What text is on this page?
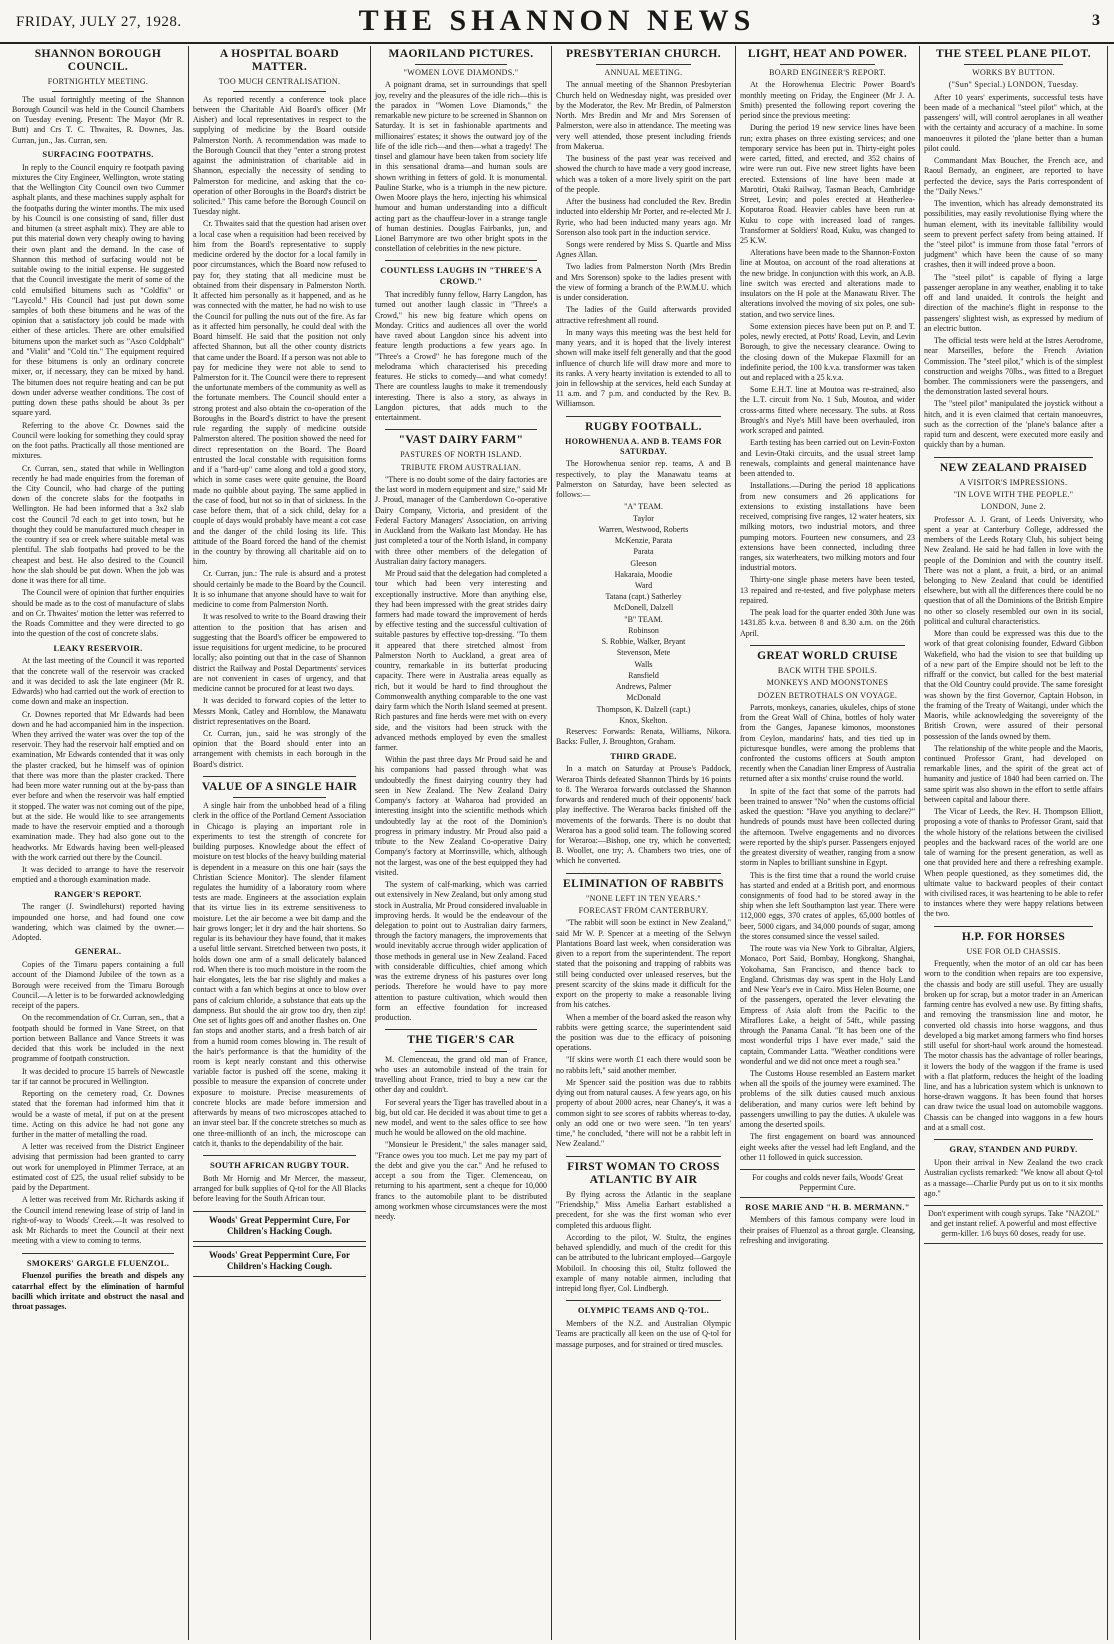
FRIDAY, JULY 27, 1928.	THE SHANNON NEWS	3
SHANNON BOROUGH COUNCIL.
FORTNIGHTLY MEETING.

The usual fortnightly meeting of the Shannon Borough Council was held in the Council Chambers on Tuesday evening. Present: The Mayor (Mr R. Butt) and Crs T. C. Thwaites, R. Downes, Jas. Curran, jun., Jas. Curran, sen.

SURFACING FOOTPATHS.

In reply to the Council enquiry re footpath paving mixtures the City Engineer, Wellington, wrote stating that the Wellington City Council own two Cummer asphalt plants, and these machines supply asphalt for the footpaths during the winter months. The mix used by his Council is one consisting of sand, filler dust and bitumen (a street asphalt mix). They are able to put this material down very cheaply owing to having their own plant and the demand. In the case of Shannon this method of surfacing would not be suitable owing to the initial expense. He suggested that the Council investigate the merit of some of the cold emulsified bitumens such as "Coldfix" or "Laycold." His Council had just put down some samples of both these bitumens and he was of the opinion that a satisfactory job could be made with either of these articles. There are other emulsified bitumens upon the market such as "Asco Coldphalt" and "Vialit" and "Cold tin." The equipment required for these bitumens is only an ordinary concrete mixer, or, if necessary, they can be mixed by hand. The bitumen does not require heating and can be put down under adverse weather conditions. The cost of putting down these paths should be about 3s per square yard.

Referring to the above Cr. Downes said the Council were looking for something they could spray on the foot paths. Practically all those mentioned are mixtures.

Cr. Curran, sen., stated that while in Wellington recently he had made enquiries from the foreman of the City Council, who had charge of the putting down of the concrete slabs for the footpaths in Wellington. He had been informed that a 3x2 slab cost the Council 7d each to get into town, but he thought they could be manufactured much cheaper in the country if sea or creek where suitable metal was plentiful. The slab footpaths had proved to be the cheapest and best. He also desired to the Council how the slab should be put down. When the job was done it was there for all time.

The Council were of opinion that further enquiries should be made as to the cost of manufacture of slabs and on Cr. Thwaites' motion the letter was referred to the Roads Committee and they were directed to go into the question of the cost of concrete slabs.

LEAKY RESERVOIR.

At the last meeting of the Council it was reported that the concrete wall of the reservoir was cracked and it was decided to ask the late engineer (Mr R. Edwards) who had carried out the work of erection to come down and make an inspection.

Cr. Downes reported that Mr Edwards had been down and he had accompanied him in the inspection. When they arrived the water was over the top of the reservoir. They had the reservoir half emptied and on examination, Mr Edwards contended that it was only the plaster cracked, but he himself was of opinion that there was more than the plaster cracked. There had been more water running out at the by-pass than ever before and when the reservoir was half emptied it stopped. The water was not coming out of the pipe, but at the side. He would like to see arrangements made to have the reservoir emptied and a thorough examination made. They had also gone out to the headworks. Mr Edwards having been well-pleased with the work carried out there by the Council.

It was decided to arrange to have the reservoir emptied and a thorough examination made.

RANGER'S REPORT.

The ranger (J. Swindlehurst) reported having impounded one horse, and had found one cow wandering, which was claimed by the owner.—Adopted.

GENERAL.

Copies of the Timaru papers containing a full account of the Diamond Jubilee of the town as a Borough were received from the Timaru Borough Council.—A letter is to be forwarded acknowledging receipt of the papers.

On the recommendation of Cr. Curran, sen., that a footpath should be formed in Vane Street, on that portion between Ballance and Vance Streets it was decided that this work be included in the next programme of footpath construction.

It was decided to procure 15 barrels of Newcastle tar if tar cannot be procured in Wellington.

Reporting on the cemetery road, Cr. Downes stated that the foreman had informed him that it would be a waste of metal, if put on at the present time. Acting on this advice he had not gone any further in the matter of metalling the road.

A letter was received from the District Engineer advising that permission had been granted to carry out work for unemployed in Plimmer Terrace, at an estimated cost of £25, the usual relief subsidy to be paid by the Department.

A letter was received from Mr. Richards asking if the Council intend renewing lease of strip of land in right-of-way to Woods' Creek.—It was resolved to ask Mr Richards to meet the Council at their next meeting with a view to coming to terms.

SMOKERS' GARGLE FLUENZOL.

Fluenzol purifies the breath and dispels any catarrhal effect by the elimination of harmful bacilli which irritate and obstruct the nasal and throat passages.

A HOSPITAL BOARD MATTER.
TOO MUCH CENTRALISATION.

As reported recently a conference took place between the Charitable Aid Board's officer (Mr Aisher) and local representatives in respect to the supplying of medicine by the Board outside Palmerston North. A recommendation was made to the Borough Council that they "enter a strong protest against the administration of charitable aid in Shannon, especially the necessity of sending to Palmerston for medicine, and asking that the co-operation of other Boroughs in the Board's district be solicited." This came before the Borough Council on Tuesday night.

Cr. Thwaites said that the question had arisen over a local case when a requisition had been received by him from the Board's representative to supply medicine ordered by the doctor for a local family in poor circumstances, which the Board now refused to pay for, they stating that all medicine must be obtained from their dispensary in Palmerston North. It affected him personally as it happened, and as he was connected with the matter, he had no wish to use the Council for pulling the nuts out of the fire. As far as it affected him personally, he could deal with the Board himself. He said that the position not only affected Shannon, but all the other county districts that came under the Board. If a person was not able to pay for medicine they were not able to send to Palmerston for it. The Council were there to represent the unfortunate members of the community as well as the fortunate members. The Council should enter a strong protest and also obtain the co-operation of the Boroughs in the Board's district to have the present rule regarding the supply of medicine outside Palmerston altered. The position showed the need for direct representation on the Board. The Board entrusted the local constable with requisition forms and if a "hard-up" came along and told a good story, which in some cases were quite genuine, the Board made no quibble about paying. The same applied in the case of food, but not so in that of sickness. In the case before them, that of a sick child, delay for a couple of days would probably have meant a cot case and the danger of the child losing its life. This attitude of the Board forced the hand of the chemist in the country by throwing all charitable aid on to him.

Cr. Curran, jun.: The rule is absurd and a protest should certainly be made to the Board by the Council. It is so inhumane that anyone should have to wait for medicine to come from Palmerston North.

It was resolved to write to the Board drawing their attention to the position that has arisen and suggesting that the Board's officer be empowered to issue requisitions for urgent medicine, to be procured locally; also pointing out that in the case of Shannon district the Railway and Postal Departments' services are not convenient in cases of urgency, and that medicine cannot be procured for at least two days.

It was decided to forward copies of the letter to Messrs Monk, Catley and Hornblow, the Manawatu district representatives on the Board.

Cr. Curran, jun., said he was strongly of the opinion that the Board should enter into an arrangement with chemists in each borough in the Board's district.

VALUE OF A SINGLE HAIR

A single hair from the unbobbed head of a filing clerk in the office of the Portland Cement Association in Chicago is playing an important role in experiments to test the strength of concrete for building purposes. Knowledge about the effect of moisture on test blocks of the heavy building material is dependent in a measure on this one hair (says the Christian Science Monitor). The slender filament regulates the humidity of a laboratory room where tests are made. Engineers at the association explain that its virtue lies in its extreme sensitiveness to moisture. Let the air become a wee bit damp and the hair grows longer; let it dry and the hair shortens. So regular is its behaviour they have found, that it makes a useful little servant. Stretched between two posts, it holds down one arm of a small delicately balanced rod. When there is too much moisture in the room the hair elongates, lets the bar rise slightly and makes a contact with a fan which begins at once to blow over pans of calcium chloride, a substance that eats up the dampness. But should the air grow too dry, then zip! One set of lights goes off and another flashes on. One fan stops and another starts, and a fresh batch of air from a humid room comes blowing in. The result of the hair's performance is that the humidity of the room is kept nearly constant and this otherwise variable factor is pushed off the scene, making it possible to measure the expansion of concrete under exposure to moisture. Precise measurements of concrete blocks are made before immersion and afterwards by means of two microscopes attached to an invar steel bar. If the concrete stretches so much as one three-millionth of an inch, the microscope can catch it, thanks to the dependability of the hair.

SOUTH AFRICAN RUGBY TOUR.

Both Mr Hornig and Mr Mercer, the masseur, arranged for bulk supplies of Q-tol for the All Blacks before leaving for the South African tour.

Woods' Great Peppermint Cure, For Children's Hacking Cough.
Woods' Great Peppermint Cure, For Children's Hacking Cough.
MAORILAND PICTURES.
"WOMEN LOVE DIAMONDS."

A poignant drama, set in surroundings that spell joy, revelry and the pleasures of the idle rich—this is the paradox in "Women Love Diamonds," the remarkable new picture to be screened in Shannon on Saturday. It is set in fashionable apartments and millionaires' estates; it shows the outward joy of the life of the idle rich—and then—what a tragedy! The tinsel and glamour have been taken from society life in this sensational drama—and human souls are shown writhing in fetters of gold. It is monumental. Pauline Starke, who is a triumph in the new picture. Owen Moore plays the hero, injecting his whimsical humour and human understanding into a difficult acting part as the chauffeur-lover in a strange tangle of human destinies. Douglas Fairbanks, jun, and Lionel Barrymore are two other bright spots in the constellation of celebrities in the new picture.

COUNTLESS LAUGHS IN "THREE'S A CROWD."

That incredibly funny fellow, Harry Langdon, has turned out another laugh classic in "Three's a Crowd," his new big feature which opens on Monday. Critics and audiences all over the world have raved about Langdon since his advent into feature length productions a few years ago. In "Three's a Crowd" he has foregone much of the melodrama which characterised his preceding features. He sticks to comedy—and what comedy! There are countless laughs to make it tremendously interesting. There is also a story, as always in Langdon pictures, that adds much to the entertainment.

"VAST DAIRY FARM"
PASTURES OF NORTH ISLAND.
TRIBUTE FROM AUSTRALIAN.

"There is no doubt some of the dairy factories are the last word in modern equipment and size," said Mr J. Proud, manager of the Camberdown Co-operative Dairy Company, Victoria, and president of the Federal Factory Managers' Association, on arriving in Auckland from the Waikato last Monday. He has just completed a tour of the North Island, in company with three other members of the delegation of Australian dairy factory managers.

Mr Proud said that the delegation had completed a tour which had been very interesting and exceptionally instructive. More than anything else, they had been impressed with the great strides dairy farmers had made toward the improvement of herds by effective testing and the successful cultivation of suitable pastures by effective top-dressing. "To them it appeared that there stretched almost from Palmerston North to Auckland, a great area of country, remarkable in its butterfat producing capacity. There were in Australia areas equally as rich, but it would be hard to find throughout the Commonwealth anything comparable to the one vast dairy farm which the North Island seemed at present. Rich pastures and fine herds were met with on every side, and the visitors had been struck with the advanced methods employed by even the smallest farmer.

Within the past three days Mr Proud said he and his companions had passed through what was undoubtedly the finest dairying country they had seen in New Zealand. The New Zealand Dairy Company's factory at Waharoa had provided an interesting insight into the scientific methods which undoubtedly lay at the root of the Dominion's progress in primary industry. Mr Proud also paid a tribute to the New Zealand Co-operative Dairy Company's factory at Morrinsville, which, although not the largest, was one of the best equipped they had visited.

The system of calf-marking, which was carried out extensively in New Zealand, but only among stud stock in Australia, Mr Proud considered invaluable in improving herds. It would be the endeavour of the delegation to point out to Australian dairy farmers, through the factory managers, the improvements that would inevitably accrue through wider application of those methods in general use in New Zealand. Faced with considerable difficulties, chief among which was the extreme dryness of his pastures over long periods. Therefore he would have to pay more attention to pasture cultivation, which would then form an effective foundation for increased production.

THE TIGER'S CAR

M. Clemenceau, the grand old man of France, who uses an automobile instead of the train for travelling about France, tried to buy a new car the other day and couldn't.

For several years the Tiger has travelled about in a big, but old car. He decided it was about time to get a new model, and went to the sales office to see how much he would be allowed on the old machine.

"Monsieur le President," the sales manager said, "France owes you too much. Let me pay my part of the debt and give you the car." And he refused to accept a sou from the Tiger. Clemenceau, on returning to his apartment, sent a cheque for 10,000 francs to the automobile plant to be distributed among workmen whose circumstances were the most needy.

PRESBYTERIAN CHURCH.
ANNUAL MEETING.

The annual meeting of the Shannon Presbyterian Church held on Wednesday night, was presided over by the Moderator, the Rev. Mr Bredin, of Palmerston North. Mrs Bredin and Mr and Mrs Sorensen of Palmerston, were also in attendance. The meeting was very well attended, those present including friends from Makerua.

The business of the past year was received and showed the church to have made a very good increase, which was a token of a more lively spirit on the part of the people.

After the business had concluded the Rev. Bredin inducted into eldership Mr Porter, and re-elected Mr J. Ryrie, who had been inducted many years ago. Mr Sorenson also took part in the induction service.

Songs were rendered by Miss S. Quartle and Miss Agnes Allan.

Two ladies from Palmerston North (Mrs Bredin and Mrs Sorenson) spoke to the ladies present with the view of forming a branch of the P.W.M.U. which is under consideration.

The ladies of the Guild afterwards provided attractive refreshment all round.

In many ways this meeting was the best held for many years, and it is hoped that the lively interest shown will make itself felt generally and that the good influence of church life will draw more and more to its ranks. A very hearty invitation is extended to all to join in fellowship at the services, held each Sunday at 11 a.m. and 7 p.m. and conducted by the Rev. B. Williamson.

RUGBY FOOTBALL.
HOROWHENUA A. AND B. TEAMS FOR SATURDAY.

The Horowhenua senior rep. teams, A and B respectively, to play the Manawatu teams at Palmerston on Saturday, have been selected as follows:—

"A" TEAM.
Taylor
Warren, Westwood, Roberts
McKenzie, Parata
Parata
Gleeson
Hakaraia, Moodie
Ward
Tatana (capt.) Satherley
McDonell, Dalzell
"B" TEAM.
Robinson
S. Robbie, Walker, Bryant
Stevenson, Mete
Walls
Ransfield
Andrews, Palmer
McDonald
Thompson, K. Dalzell (capt.)
Knox, Skelton.

Reserves: Forwards: Renata, Williams, Nikora. Backs: Fuller, J. Broughton, Graham.

THIRD GRADE.

In a match on Saturday at Prouse's Paddock, Weraroa Thirds defeated Shannon Thirds by 16 points to 8. The Weraroa forwards outclassed the Shannon forwards and rendered much of their opponents' back play ineffective. The Weraroa backs finished off the movements of the forwards. There is no doubt that Weraroa has a good solid team. The following scored for Weraroa:—Bishop, one try, which he converted; B. Woollet, one try; A. Chambers two tries, one of which he converted.

ELIMINATION OF RABBITS
"NONE LEFT IN TEN YEARS."
FORECAST FROM CANTERBURY.

"The rabbit will soon be extinct in New Zealand," said Mr W. P. Spencer at a meeting of the Selwyn Plantations Board last week, when consideration was given to a report from the superintendent. The report stated that the poisoning and trapping of rabbits was still being conducted over unleased reserves, but the present scarcity of the skins made it difficult for the export on the property to make a reasonable living from his catches.

When a member of the board asked the reason why rabbits were getting scarce, the superintendent said the position was due to the efficacy of poisoning operations.

"If skins were worth £1 each there would soon be no rabbits left," said another member.

Mr Spencer said the position was due to rabbits dying out from natural causes. A few years ago, on his property of about 2000 acres, near Chaney's, it was a common sight to see scores of rabbits whereas to-day, only an odd one or two were seen. "In ten years' time," he concluded, "there will not be a rabbit left in New Zealand."

FIRST WOMAN TO CROSS ATLANTIC BY AIR

By flying across the Atlantic in the seaplane "Friendship," Miss Amelia Earhart established a precedent, for she was the first woman who ever completed this arduous flight.

According to the pilot, W. Stultz, the engines behaved splendidly, and much of the credit for this can be attributed to the lubricant employed—Gargoyle Mobiloil. In choosing this oil, Stultz followed the example of many notable airmen, including that intrepid long flyer, Col. Lindbergh.

OLYMPIC TEAMS AND Q-TOL.

Members of the N.Z. and Australian Olympic Teams are practically all keen on the use of Q-tol for massage purposes, and for strained or tired muscles.

LIGHT, HEAT AND POWER.
BOARD ENGINEER'S REPORT.

At the Horowhenua Electric Power Board's monthly meeting on Friday, the Engineer (Mr J. A. Smith) presented the following report covering the period since the previous meeting:

During the period 19 new service lines have been run; extra phases on three existing services; and one temporary service has been put in. Thirty-eight poles were carted, fitted, and erected, and 352 chains of wire were run out. Five new street lights have been erected. Extensions of line have been made at Marotiri, Otaki Railway, Tasman Beach, Cambridge Street, Levin; and poles erected at Heatherlea-Koputaroa Road. Heavier cables have been run at Kuku to cope with increased load of ranges. Transformer at Soldiers' Road, Kuku, was changed to 25 K.W.

Alterations have been made to the Shannon-Foxton line at Moutoa, on account of the road alterations at the new bridge. In conjunction with this work, an A.B. line switch was erected and alterations made to insulators on the H pole at the Manawatu River. The alterations involved the moving of six poles, one sub-station, and two service lines.

Some extension pieces have been put on P. and T. poles, newly erected, at Potts' Road, Levin, and Levin Borough, to give the necessary clearance. Owing to the closing down of the Mukepae Flaxmill for an indefinite period, the 100 k.v.a. transformer was taken out and replaced with a 25 k.v.a.

Some E.H.T. line at Moutoa was re-strained, also the L.T. circuit from No. 1 Sub, Moutoa, and wider cross-arms fitted where necessary. The subs. at Ross Brough's and Nye's Mill have been overhauled, iron work scraped and painted.

Earth testing has been carried out on Levin-Foxton and Levin-Otaki circuits, and the usual street lamp renewals, complaints and general maintenance have been attended to.

Installations.—During the period 18 applications from new consumers and 26 applications for extensions to existing installations have been received, comprising five ranges, 12 water heaters, six milking motors, two industrial motors, and three pumping motors. Fourteen new consumers, and 23 extensions have been connected, including three ranges, six waterheaters, two milking motors and four industrial motors.

Thirty-one single phase meters have been tested, 13 repaired and re-tested, and five polyphase meters repaired.

The peak load for the quarter ended 30th June was 1431.85 k.v.a. between 8 and 8.30 a.m. on the 26th April.

GREAT WORLD CRUISE
BACK WITH THE SPOILS.
MONKEYS AND MOONSTONES
DOZEN BETROTHALS ON VOYAGE.

Parrots, monkeys, canaries, ukuleles, chips of stone from the Great Wall of China, bottles of holy water from the Ganges, Japanese kimonos, moonstones from Ceylon, mandarins' hats, and ties tied up in picturesque bundles, were among the problems that confronted the customs officers at South ampton recently when the Canadian liner Empress of Australia returned after a six months' cruise round the world.

In spite of the fact that some of the parrots had been trained to answer "No" when the customs official asked the question: "Have you anything to declare?" hundreds of pounds must have been collected during the afternoon. Twelve engagements and no divorces were reported by the ship's purser. Passengers enjoyed the greatest diversity of weather, ranging from a snow storm in Naples to brilliant sunshine in Egypt.

This is the first time that a round the world cruise has started and ended at a British port, and enormous consignments of food had to be stored away in the ship when she left Southampton last year. There were 112,000 eggs, 370 crates of apples, 65,000 bottles of beer, 5000 cigars, and 34,000 pounds of sugar, among the stores consumed since the vessel sailed.

The route was via New York to Gibraltar, Algiers, Monaco, Port Said, Bombay, Hongkong, Shanghai, Yokohama, San Francisco, and thence back to England. Christmas day was spent in the Holy Land and New Year's eve in Cairo. Miss Helen Bourne, one of the passengers, operated the lever elevating the Empress of Asia aloft from the Pacific to the Miraflores Lake, a height of 54ft., while passing through the Panama Canal. "It has been one of the most wonderful trips I have ever made," said the captain, Commander Latta. "Weather conditions were wonderful and we did not once meet a rough sea."

The Customs House resembled an Eastern market when all the spoils of the journey were examined. The problems of the silk duties caused much anxious deliberation, and many curios were left behind by passengers unwilling to pay the duties. A ukulele was among the deserted spoils.

The first engagement on board was announced eight weeks after the vessel had left England, and the other 11 followed in quick succession.

For coughs and colds never fails, Woods' Great Peppermint Cure.
ROSE MARIE AND "H. B. MERMANN."

Members of this famous company were loud in their praises of Fluenzol as a throat gargle. Cleansing, refreshing and invigorating.

THE STEEL PLANE PILOT.
WORKS BY BUTTON.
("Sun" Special.) LONDON, Tuesday.

After 10 years' experiments, successful tests have been made of a mechanical "steel pilot" which, at the passengers' will, will control aeroplanes in all weather with the certainty and accuracy of a machine. In some manoeuvres it piloted the 'plane better than a human pilot could.

Commandant Max Boucher, the French ace, and Raoul Bernady, an engineer, are reported to have perfected the device, says the Paris correspondent of the "Daily News."

The invention, which has already demonstrated its possibilities, may easily revolutionise flying where the human element, with its inevitable fallibility would seem to prevent perfect safety from being attained. If the "steel pilot" is immune from those fatal "errors of judgment" which have been the cause of so many crashes, then it will indeed prove a boon.

The "steel pilot" is capable of flying a large passenger aeroplane in any weather, enabling it to take off and land unaided. It controls the height and direction of the machine's flight in response to the passengers' slightest wish, as expressed by medium of an electric button.

The official tests were held at the Istres Aerodrome, near Marseilles, before the French Aviation Commission. The "steel pilot," which is of the simplest construction and weighs 70lbs., was fitted to a Breguet bomber. The commissioners were the passengers, and the demonstration lasted several hours.

The "steel pilot" manipulated the joystick without a hitch, and it is even claimed that certain manoeuvres, such as the correction of the 'plane's balance after a rapid turn and descent, were executed more easily and quickly than by a human.

NEW ZEALAND PRAISED
A VISITOR'S IMPRESSIONS.
"IN LOVE WITH THE PEOPLE."
LONDON, June 2.

Professor A. J. Grant, of Leeds University, who spent a year at Canterbury College, addressed the members of the Leeds Rotary Club, his subject being New Zealand. He said he had fallen in love with the people of the Dominion and with the country itself. There was not a plant, a fruit, a bird, or an animal belonging to New Zealand that could be identified elsewhere, but with all the differences there could be no question that of all the Dominions of the British Empire no other so closely resembled our own in its social, political and cultural characteristics.

More than could be expressed was this due to the work of that great colonising founder, Edward Gibbon Wakefield, who had the vision to see that building up of a new part of the Empire should not be left to the riffraff or the convict, but called for the best material that the Old Country could provide. The same foresight was shown by the first Governor, Captain Hobson, in the framing of the Treaty of Waitangi, under which the Maoris, while acknowledging the sovereignty of the British Crown, were assured of their personal possession of the lands owned by them.

The relationship of the white people and the Maoris, continued Professor Grant, had developed on remarkable lines, and the spirit of the great act of humanity and justice of 1840 had been carried on. The same spirit was also shown in the effort to settle affairs between capital and labour there.

The Vicar of Leeds, the Rev. H. Thompson Elliott, proposing a vote of thanks to Professor Grant, said that the whole history of the relations between the civilised peoples and the backward races of the world are one tale of warning for the present generation, as well as one that provided here and there a refreshing example. When people questioned, as they sometimes did, the ultimate value to backward peoples of their contact with civilised races, it was heartening to be able to refer to instances where they were happy relations between the two.

H.P. FOR HORSES
USE FOR OLD CHASSIS.

Frequently, when the motor of an old car has been worn to the condition when repairs are too expensive, the chassis and body are still useful. They are usually broken up for scrap, but a motor trader in an American farming centre has evolved a new use. By fitting shafts, and removing the transmission line and motor, he converted old chassis into horse waggons, and thus developed a big market among farmers who find horses still useful for short-haul work around the homestead. The motor chassis has the advantage of roller bearings, it lowers the body of the waggon if the frame is used with a flat platform, reduces the height of the loading line, and has a lubrication system which is unknown to horse-drawn waggons. It has been found that horses can draw twice the usual load on automobile waggons. Chassis can be changed into waggons in a few hours and at a small cost.

GRAY, STANDEN AND PURDY.

Upon their arrival in New Zealand the two crack Australian cyclists remarked: "We know all about Q-tol as a massage—Charlie Purdy put us on to it six months ago."

Don't experiment with cough syrups. Take "NAZOL" and get instant relief. A powerful and most effective germ-killer. 1/6 buys 60 doses, ready for use.
